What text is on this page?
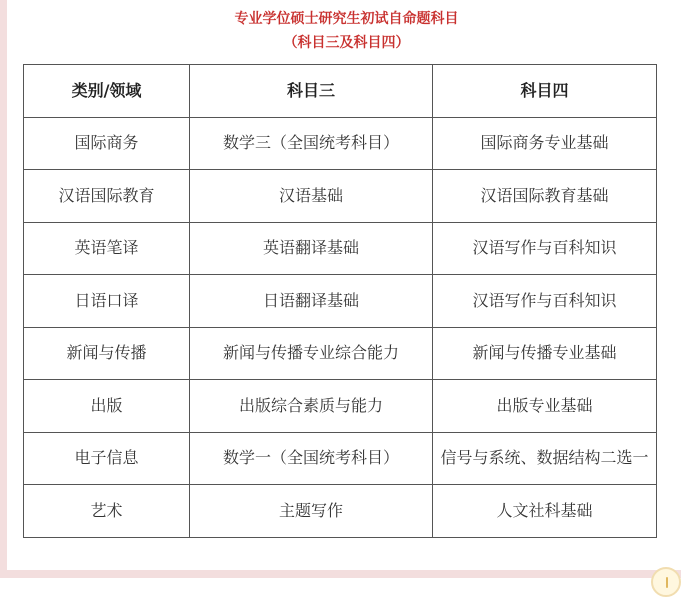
专业学位硕士研究生初试自命题科目
（科目三及科目四）
类别/领域	科目三	科目四
国际商务	数学三（全国统考科目）	国际商务专业基础
汉语国际教育	汉语基础	汉语国际教育基础
英语笔译	英语翻译基础	汉语写作与百科知识
日语口译	日语翻译基础	汉语写作与百科知识
新闻与传播	新闻与传播专业综合能力	新闻与传播专业基础
出版	出版综合素质与能力	出版专业基础
电子信息	数学一（全国统考科目）	信号与系统、数据结构二选一
艺术	主题写作	人文社科基础
